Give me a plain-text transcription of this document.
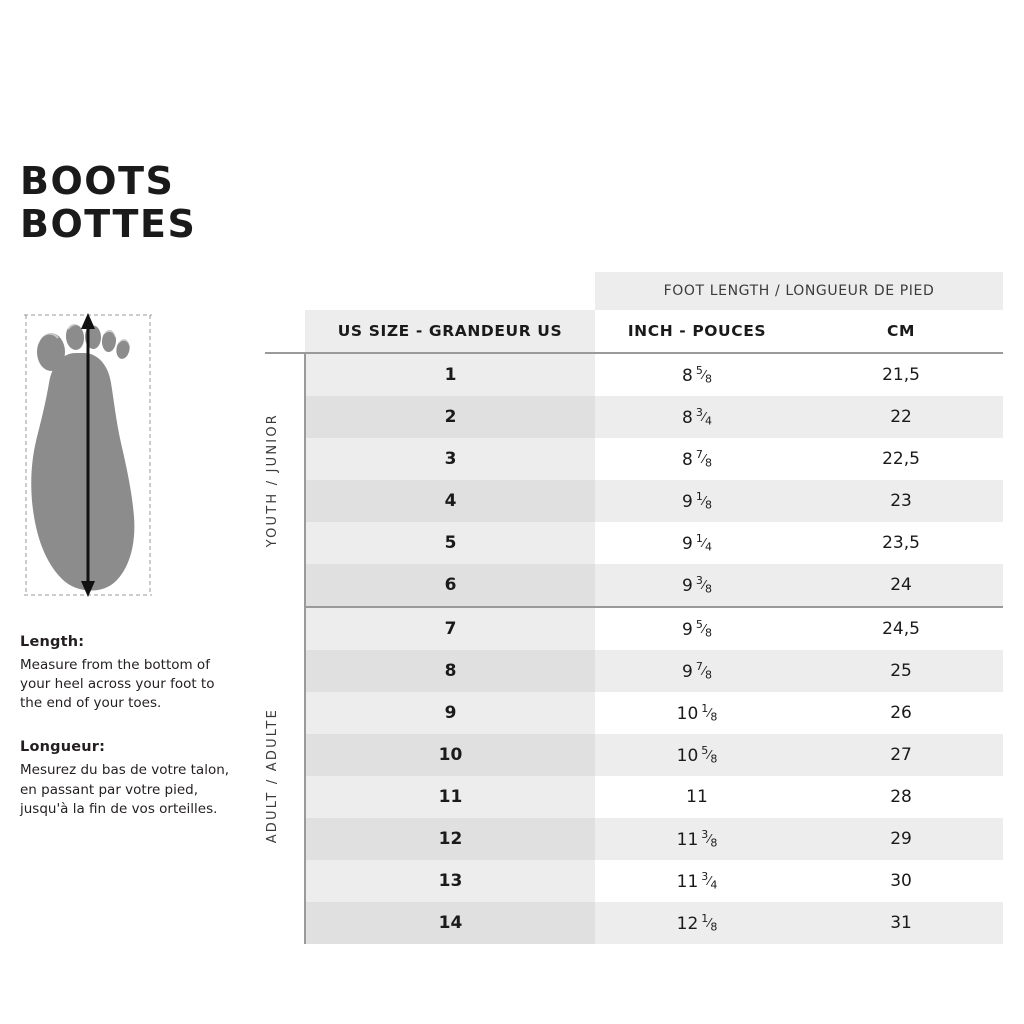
BOOTS
BOTTES

Length:

Measure from the bottom of your heel across your foot to the end of your toes.

Longueur:

Mesurez du bas de votre talon, en passant par votre pied, jusqu'à la fin de vos orteilles.

		FOOT LENGTH / LONGUEUR DE PIED	
	US SIZE - GRANDEUR US	INCH - POUCES	CM

YOUTH / JUNIOR	1	8 $^5⁄_8$	21,5
	2	8 $^3⁄_4$	22
	3	8 $^7⁄_8$	22,5
	4	9 $^1⁄_8$	23
	5	9 $^1⁄_4$	23,5
	6	9 $^3⁄_8$	24

ADULT / ADULTE	7	9 $^5⁄_8$	24,5
	8	9 $^7⁄_8$	25
	9	10 $^1⁄_8$	26
	10	10 $^5⁄_8$	27
	11	11	28
	12	11 $^3⁄_8$	29
	13	11 $^3⁄_4$	30
	14	12 $^1⁄_8$	31
